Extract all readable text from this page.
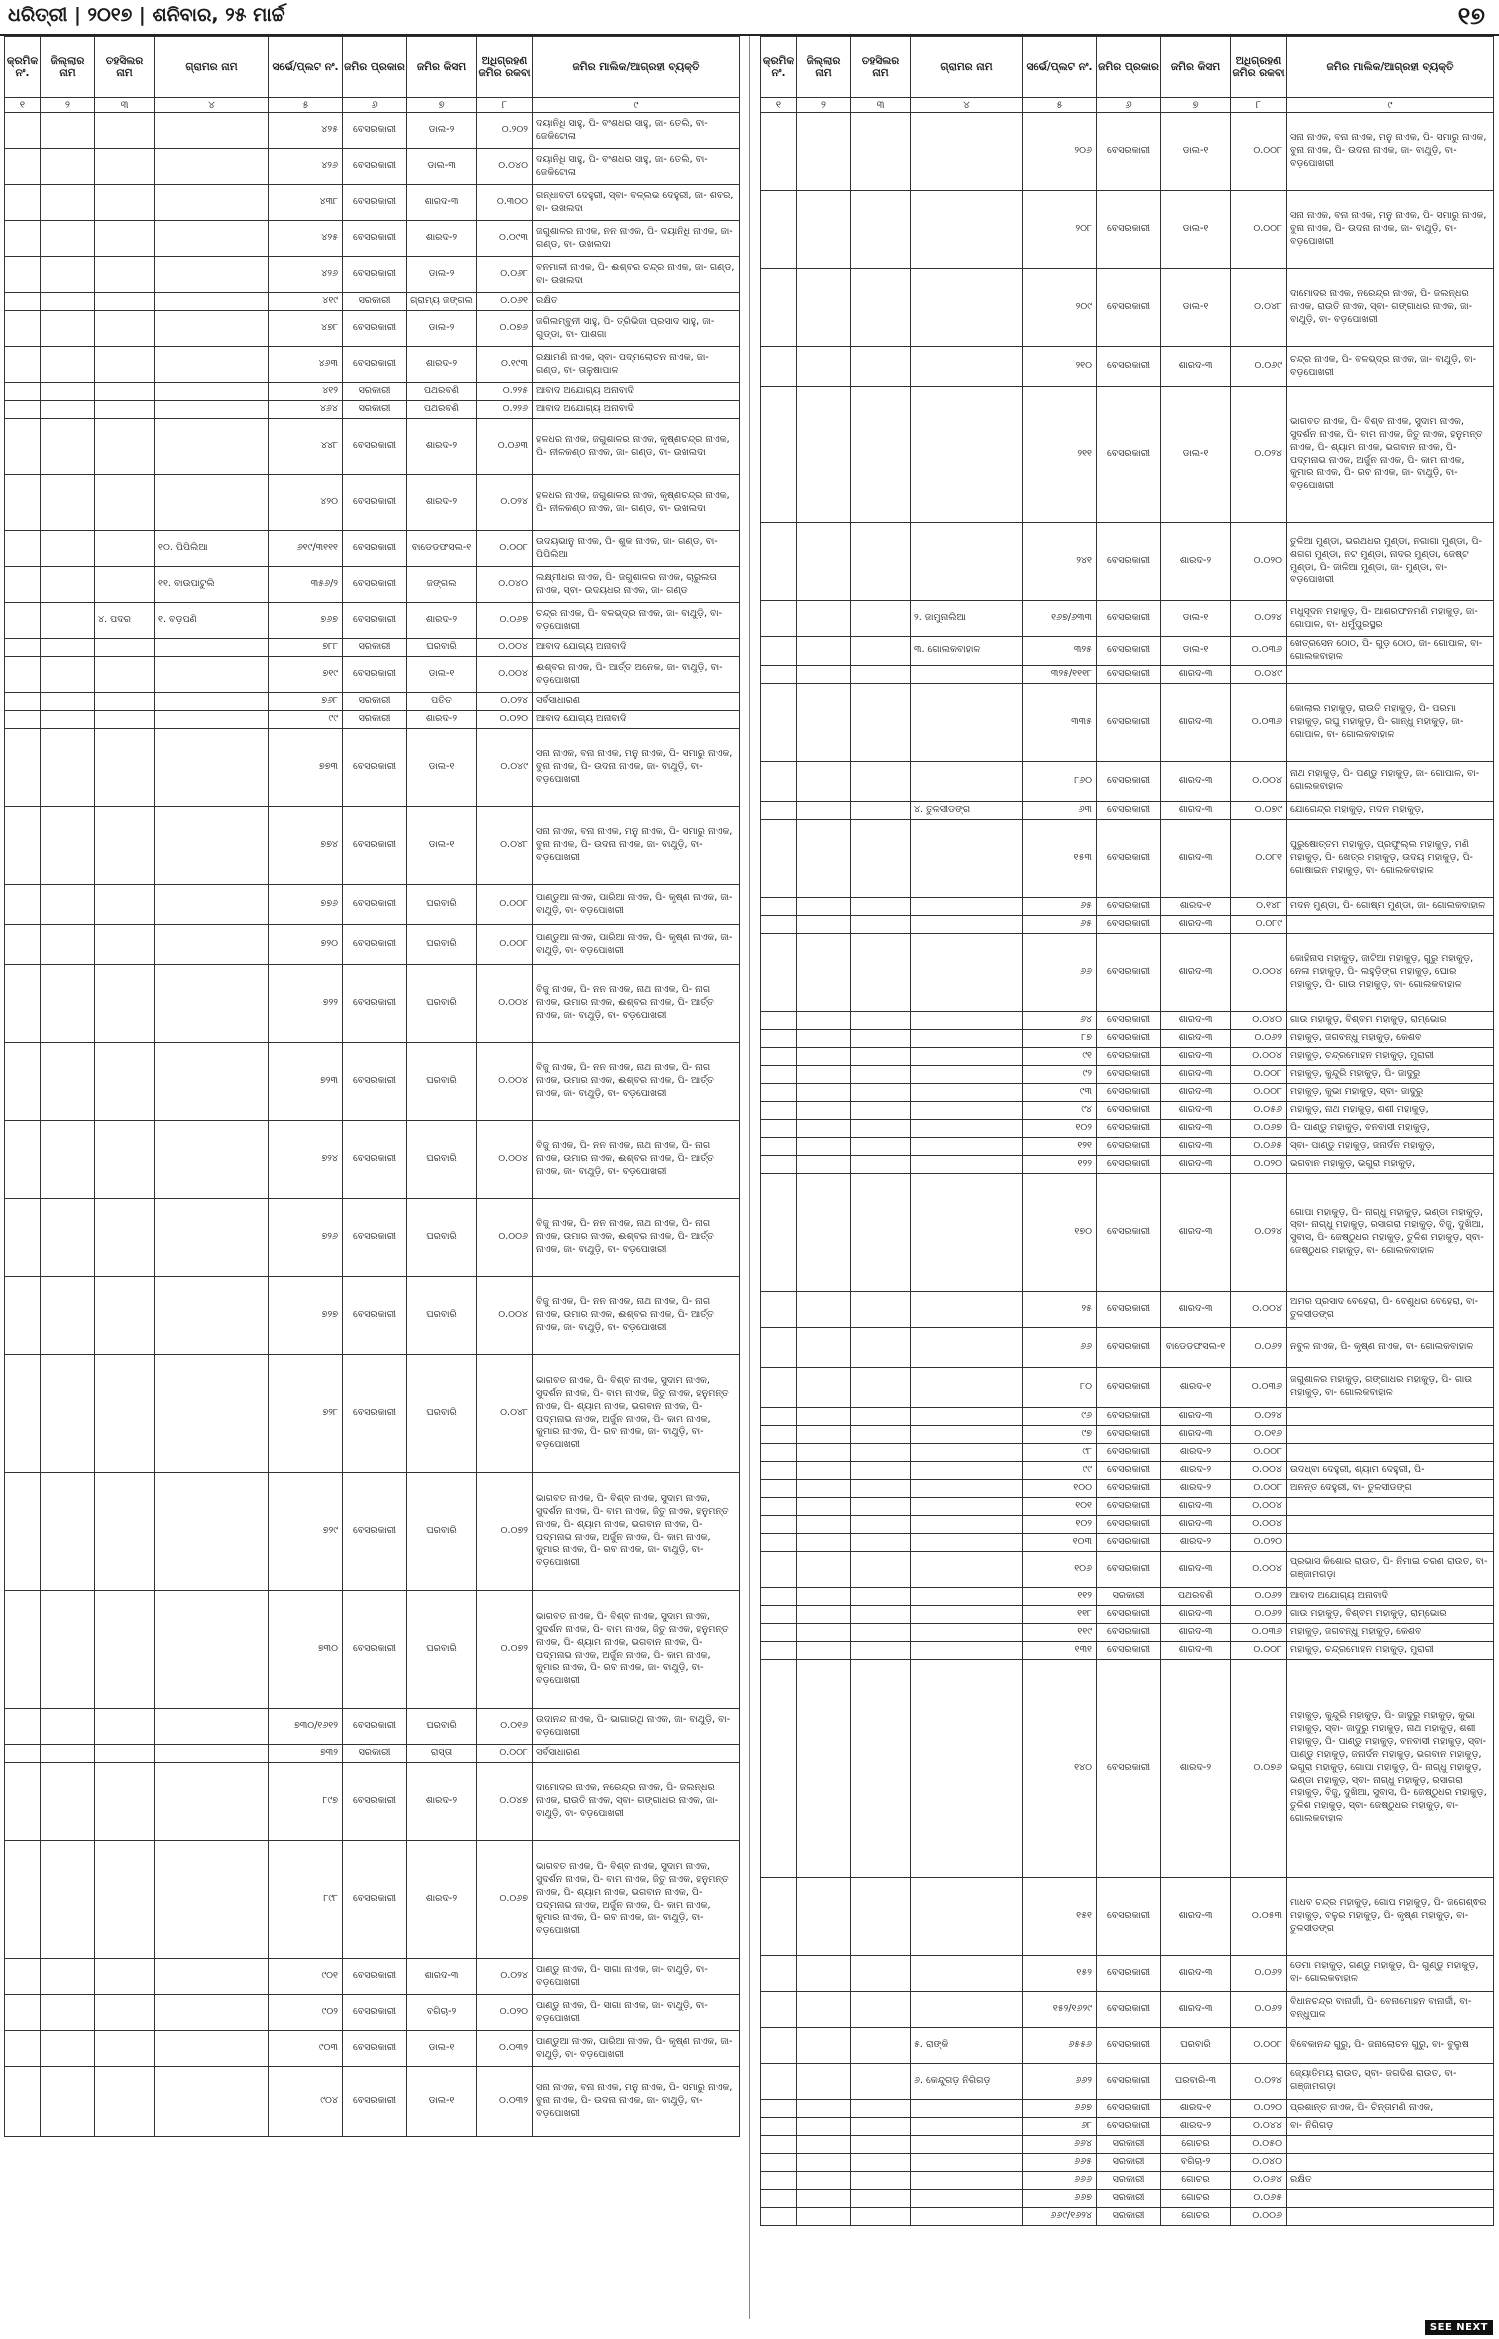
ଧରିତ୍ରୀ | ୨୦୧୭ | ଶନିବାର, ୨୫ ମାର୍ଚ୍ଚ	୧୭
କ୍ରମିକ ନଂ.	ଜିଲ୍ଲାର ନାମ	ତହସିଲର ନାମ	ଗ୍ରାମର ନାମ	ସର୍ଭେ/ପ୍ଲଟ ନଂ.	ଜମିର ପ୍ରକାର	ଜମିର କିସମ	ଅଧିଗ୍ରହଣ ଜମିର ରକବା	ଜମିର ମାଲିକ/ଆଗ୍ରହୀ ବ୍ୟକ୍ତି
୧	୨	୩	୪	୫	୬	୭	୮	୯
				୪୨୫	ବେସରକାରୀ	ଡାଲ-୨	୦.୨୦୨	ଦୟାନିଧି ସାହୁ, ପି- ବଂଶଧର ସାହୁ, ଜା- ତେଲି, ବା- ଜେକିଟୋଳା
				୪୨୬	ବେସରକାରୀ	ଡାଲ-୩	୦.୦୪୦	ଦୟାନିଧି ସାହୁ, ପି- ବଂଶଧର ସାହୁ, ଜା- ତେଲି, ବା- ଜେକିଟୋଳା
				୪୩୮	ବେସରକାରୀ	ଶାରଦ-୩	୦.୩୦୦	ଗନ୍ଧାବତୀ ଦେହୁରୀ, ସ୍ବା- ବଳ୍ଲଭ ଦେହୁରୀ, ଜା- ଶବର, ବା- ଉଖଲଦା
				୪୨୫	ବେସରକାରୀ	ଶାରଦ-୨	୦.୦୯୩	ଜଗୁଶାଳର ନାଏକ, ନନ ନାଏକ, ପି- ଦୟାନିଧି ନାଏକ, ଜା- ଗଣ୍ଡ, ବା- ଉଖଲଦା
				୪୨୬	ବେସରକାରୀ	ଡାଲ-୨	୦.୦୬୮	ବନମାଳୀ ନାଏକ, ପି- ଈଶ୍ବର ଚନ୍ଦ୍ର ନାଏକ, ଜା- ଗଣ୍ଡ, ବା- ଉଖଲଦା
				୪୧୯	ସରକାରୀ	ଗ୍ରାମ୍ୟ ଜଙ୍ଗଲ	୦.୦୬୧	ରକ୍ଷିତ
				୪୭୮	ବେସରକାରୀ	ଡାଲ-୨	୦.୦୭୬	ଜଗିଲମ୍ବୁନୀ ସାହୁ, ପି- ତ୍ରିଭିଜା ପ୍ରସାଦ ସାହୁ, ଜା- ଗୁଡ୍ଡା, ବା- ପାଶଗା
				୪୬୩	ବେସରକାରୀ	ଶାରଦ-୨	୦.୧୯୩	ରକ୍ଷାମଣି ନାଏକ, ସ୍ବା- ପଦ୍ମଲୋଚନ ନାଏକ, ଜା- ଗଣ୍ଡ, ବା- ତାଳୁଷାପାଳ
				୪୧୨	ସରକାରୀ	ପଥରବଣି	୦.୨୨୫	ଆବାଦ ଅଯୋଗ୍ୟ ଅନାବାଦି
				୪୬୪	ସରକାରୀ	ପଥରବଣି	୦.୨୨୬	ଆବାଦ ଅଯୋଗ୍ୟ ଅନାବାଦି
				୪୪୮	ବେସରକାରୀ	ଶାରଦ-୨	୦.୦୬୩	ହଳଧର ନାଏକ, ଜଗୁଶାଳର ନାଏକ, କୃଷ୍ଣଚନ୍ଦ୍ର ନାଏକ, ପି- ନୀଳକଣ୍ଠ ନାଏକ, ଜା- ଗଣ୍ଡ, ବା- ଉଖଲଦା
				୪୨୦	ବେସରକାରୀ	ଶାରଦ-୨	୦.୦୨୪	ହଳଧର ନାଏକ, ଜଗୁଶାଳର ନାଏକ, କୃଷ୍ଣଚନ୍ଦ୍ର ନାଏକ, ପି- ନୀଳକଣ୍ଠ ନାଏକ, ଜା- ଗଣ୍ଡ, ବା- ଉଖଲଦା
			୧୦. ପିପିଲିଆ	୬୧୯/୩୧୧୧	ବେସରକାରୀ	ବାଡେଡଫସଲ-୧	୦.୦୦୮	ଉଦୟଭାନୁ ନାଏକ, ପି- ଶୁକ ନାଏକ, ଜା- ଗଣ୍ଡ, ବା- ପିପିଲିଆ
			୧୧. ବାଉପାଟୁଲି	୩୫୬/୨	ବେସରକାରୀ	ଜଙ୍ଗଲ	୦.୦୪୦	ଲକ୍ଷ୍ମୀଧର ନାଏକ, ପି- ଜଗୁଶାଳର ନାଏକ, ଚାରୁଲତା ନାଏକ, ସ୍ବା- ଉଦୟଧର ନାଏକ, ଜା- ଗଣ୍ଡ
		୪. ପଦର	୧. ବଡ଼ପଣି	୭୬୭	ବେସରକାରୀ	ଶାରଦ-୨	୦.୦୬୭	ଚନ୍ଦ୍ର ନାଏକ, ପି- ବଳଭ୍ଦ୍ର ନାଏକ, ଜା- ବାଥୁଡ଼ି, ବା- ବଡ଼ପୋଖରୀ
				୭୮୮	ସରକାରୀ	ଘରବାରି	୦.୦୦୪	ଆବାଦ ଯୋଗ୍ୟ ଅନାବାଦି
				୭୧୯	ବେସରକାରୀ	ଡାଲ-୧	୦.୦୦୪	ଈଶ୍ବର ନାଏକ, ପି- ଆର୍ତ୍ତ ଅନେକ, ଜା- ବାଥୁଡ଼ି, ବା- ବଡ଼ପୋଖରୀ
				୭୬୮	ସରକାରୀ	ପତିତ	୦.୦୨୪	ସର୍ବସାଧାରଣ
				୯୯	ସରକାରୀ	ଶାରଦ-୨	୦.୦୨୦	ଆବାଦ ଯୋଗ୍ୟ ଅନାବାଦି
				୭୭୩	ବେସରକାରୀ	ଡାଲ-୧	୦.୦୪୯	ସନା ନାଏକ, ବନା ନାଏକ, ମନୁ ନାଏକ, ପି- ସମାରୁ ନାଏକ, ବୁନା ନାଏକ, ପି- ଉଦନା ନାଏକ, ଜା- ବାଥୁଡ଼ି, ବା- ବଡ଼ପୋଖରୀ
				୭୭୪	ବେସରକାରୀ	ଡାଲ-୧	୦.୦୪୮	ସନା ନାଏକ, ବନା ନାଏକ, ମନୁ ନାଏକ, ପି- ସମାରୁ ନାଏକ, ବୁନା ନାଏକ, ପି- ଉଦନା ନାଏକ, ଜା- ବାଥୁଡ଼ି, ବା- ବଡ଼ପୋଖରୀ
				୭୭୬	ବେସରକାରୀ	ଘରବାରି	୦.୦୦୮	ପାଣ୍ଡୁଆ ନାଏକ, ପାରିଆ ନାଏକ, ପି- କୃଷ୍ଣ ନାଏକ, ଜା- ବାଥୁଡ଼ି, ବା- ବଡ଼ପୋଖରୀ
				୭୨୦	ବେସରକାରୀ	ଘରବାରି	୦.୦୦୮	ପାଣ୍ଡୁଆ ନାଏକ, ପାରିଆ ନାଏକ, ପି- କୃଷ୍ଣ ନାଏକ, ଜା- ବାଥୁଡ଼ି, ବା- ବଡ଼ପୋଖରୀ
				୭୨୨	ବେସରକାରୀ	ଘରବାରି	୦.୦୦୪	ବିଜୁ ନାଏକ, ପି- ନନ ନାଏକ, ନାଥ ନାଏକ, ପି- ନାଗ ନାଏକ, ଉମାର ନାଏକ, ଈଶ୍ବର ନାଏକ, ପି- ଆର୍ତ୍ତ ନାଏକ, ଜା- ବାଥୁଡ଼ି, ବା- ବଡ଼ପୋଖରୀ
				୭୨୩	ବେସରକାରୀ	ଘରବାରି	୦.୦୦୪	ବିଜୁ ନାଏକ, ପି- ନନ ନାଏକ, ନାଥ ନାଏକ, ପି- ନାଗ ନାଏକ, ଉମାର ନାଏକ, ଈଶ୍ବର ନାଏକ, ପି- ଆର୍ତ୍ତ ନାଏକ, ଜା- ବାଥୁଡ଼ି, ବା- ବଡ଼ପୋଖରୀ
				୭୨୪	ବେସରକାରୀ	ଘରବାରି	୦.୦୦୪	ବିଜୁ ନାଏକ, ପି- ନନ ନାଏକ, ନାଥ ନାଏକ, ପି- ନାଗ ନାଏକ, ଉମାର ନାଏକ, ଈଶ୍ବର ନାଏକ, ପି- ଆର୍ତ୍ତ ନାଏକ, ଜା- ବାଥୁଡ଼ି, ବା- ବଡ଼ପୋଖରୀ
				୭୨୬	ବେସରକାରୀ	ଘରବାରି	୦.୦୦୬	ବିଜୁ ନାଏକ, ପି- ନନ ନାଏକ, ନାଥ ନାଏକ, ପି- ନାଗ ନାଏକ, ଉମାର ନାଏକ, ଈଶ୍ବର ନାଏକ, ପି- ଆର୍ତ୍ତ ନାଏକ, ଜା- ବାଥୁଡ଼ି, ବା- ବଡ଼ପୋଖରୀ
				୭୨୭	ବେସରକାରୀ	ଘରବାରି	୦.୦୦୪	ବିଜୁ ନାଏକ, ପି- ନନ ନାଏକ, ନାଥ ନାଏକ, ପି- ନାଗ ନାଏକ, ଉମାର ନାଏକ, ଈଶ୍ବର ନାଏକ, ପି- ଆର୍ତ୍ତ ନାଏକ, ଜା- ବାଥୁଡ଼ି, ବା- ବଡ଼ପୋଖରୀ
				୭୨୮	ବେସରକାରୀ	ଘରବାରି	୦.୦୪୮	ଭାଗବତ ନାଏକ, ପି- ବିଶ୍ବ ନାଏକ, ସୁଦାମ ନାଏକ, ସୁଦର୍ଶନ ନାଏକ, ପି- ବାମ ନାଏକ, ଜିତୁ ନାଏକ, ହନୁମନ୍ତ ନାଏକ, ପି- ଶ୍ୟାମ ନାଏକ, ଭଗବାନ ନାଏକ, ପି- ପଦ୍ମନାଭ ନାଏକ, ଅର୍ଜୁନ ନାଏକ, ପି- କାମ ନାଏକ, କୁମାର ନାଏକ, ପି- ରବ ନାଏକ, ଜା- ବାଥୁଡ଼ି, ବା- ବଡ଼ପୋଖରୀ
				୭୨୯	ବେସରକାରୀ	ଘରବାରି	୦.୦୭୨	ଭାଗବତ ନାଏକ, ପି- ବିଶ୍ବ ନାଏକ, ସୁଦାମ ନାଏକ, ସୁଦର୍ଶନ ନାଏକ, ପି- ବାମ ନାଏକ, ଜିତୁ ନାଏକ, ହନୁମନ୍ତ ନାଏକ, ପି- ଶ୍ୟାମ ନାଏକ, ଭଗବାନ ନାଏକ, ପି- ପଦ୍ମନାଭ ନାଏକ, ଅର୍ଜୁନ ନାଏକ, ପି- କାମ ନାଏକ, କୁମାର ନାଏକ, ପି- ରବ ନାଏକ, ଜା- ବାଥୁଡ଼ି, ବା- ବଡ଼ପୋଖରୀ
				୭୩୦	ବେସରକାରୀ	ଘରବାରି	୦.୦୭୨	ଭାଗବତ ନାଏକ, ପି- ବିଶ୍ବ ନାଏକ, ସୁଦାମ ନାଏକ, ସୁଦର୍ଶନ ନାଏକ, ପି- ବାମ ନାଏକ, ଜିତୁ ନାଏକ, ହନୁମନ୍ତ ନାଏକ, ପି- ଶ୍ୟାମ ନାଏକ, ଭଗବାନ ନାଏକ, ପି- ପଦ୍ମନାଭ ନାଏକ, ଅର୍ଜୁନ ନାଏକ, ପି- କାମ ନାଏକ, କୁମାର ନାଏକ, ପି- ରବ ନାଏକ, ଜା- ବାଥୁଡ଼ି, ବା- ବଡ଼ପୋଖରୀ
				୭୩୦/୧୬୧୨	ବେସରକାରୀ	ଘରବାରି	୦.୦୧୬	ଉଦାନନ୍ଦ ନାଏକ, ପି- ଭାଗାରଥି ନାଏକ, ଜା- ବାଥୁଡ଼ି, ବା- ବଡ଼ପୋଖରୀ
				୭୩୨	ସରକାରୀ	ରାସ୍ତା	୦.୦୦୮	ସର୍ବସାଧାରଣ
				୮୯୭	ବେସରକାରୀ	ଶାରଦ-୨	୦.୦୪୭	ଦାମୋଦର ନାଏକ, ନରେନ୍ଦ୍ର ନାଏକ, ପି- ଜଲନ୍ଧର ନାଏକ, ରାଉତି ନାଏକ, ସ୍ବା- ଗଙ୍ଗାଧର ନାଏକ, ଜା- ବାଥୁଡ଼ି, ବା- ବଡ଼ପୋଖରୀ
				୮୯୮	ବେସରକାରୀ	ଶାରଦ-୨	୦.୦୬୭	ଭାଗବତ ନାଏକ, ପି- ବିଶ୍ବ ନାଏକ, ସୁଦାମ ନାଏକ, ସୁଦର୍ଶନ ନାଏକ, ପି- ବାମ ନାଏକ, ଜିତୁ ନାଏକ, ହନୁମନ୍ତ ନାଏକ, ପି- ଶ୍ୟାମ ନାଏକ, ଭଗବାନ ନାଏକ, ପି- ପଦ୍ମନାଭ ନାଏକ, ଅର୍ଜୁନ ନାଏକ, ପି- କାମ ନାଏକ, କୁମାର ନାଏକ, ପି- ରବ ନାଏକ, ଜା- ବାଥୁଡ଼ି, ବା- ବଡ଼ପୋଖରୀ
				୯୦୧	ବେସରକାରୀ	ଶାରଦ-୩	୦.୦୨୪	ପାଣ୍ଡୁ ନାଏକ, ପି- ସାଗା ନାଏକ, ଜା- ବାଥୁଡ଼ି, ବା- ବଡ଼ପୋଖରୀ
				୯୦୨	ବେସରକାରୀ	ବଗିଚା-୨	୦.୦୨୦	ପାଣ୍ଡୁ ନାଏକ, ପି- ସାଗା ନାଏକ, ଜା- ବାଥୁଡ଼ି, ବା- ବଡ଼ପୋଖରୀ
				୯୦୩	ବେସରକାରୀ	ଡାଲ-୧	୦.୦୩୨	ପାଣ୍ଡୁଆ ନାଏକ, ପାରିଆ ନାଏକ, ପି- କୃଷ୍ଣ ନାଏକ, ଜା- ବାଥୁଡ଼ି, ବା- ବଡ଼ପୋଖରୀ
				୯୦୪	ବେସରକାରୀ	ଡାଲ-୧	୦.୦୩୨	ସନା ନାଏକ, ବନା ନାଏକ, ମନୁ ନାଏକ, ପି- ସମାରୁ ନାଏକ, ବୁନା ନାଏକ, ପି- ଉଦନା ନାଏକ, ଜା- ବାଥୁଡ଼ି, ବା- ବଡ଼ପୋଖରୀ
କ୍ରମିକ ନଂ.	ଜିଲ୍ଲାର ନାମ	ତହସିଲର ନାମ	ଗ୍ରାମର ନାମ	ସର୍ଭେ/ପ୍ଲଟ ନଂ.	ଜମିର ପ୍ରକାର	ଜମିର କିସମ	ଅଧିଗ୍ରହଣ ଜମିର ରକବା	ଜମିର ମାଲିକ/ଆଗ୍ରହୀ ବ୍ୟକ୍ତି
୧	୨	୩	୪	୫	୬	୭	୮	୯
				୨୦୬	ବେସରକାରୀ	ଡାଲ-୧	୦.୦୦୮	ସନା ନାଏକ, ବନା ନାଏକ, ମନୁ ନାଏକ, ପି- ସମାରୁ ନାଏକ, ବୁନା ନାଏକ, ପି- ଉଦନା ନାଏକ, ଜା- ବାଥୁଡ଼ି, ବା- ବଡ଼ପୋଖରୀ
				୨୦୮	ବେସରକାରୀ	ଡାଲ-୧	୦.୦୦୮	ସନା ନାଏକ, ବନା ନାଏକ, ମନୁ ନାଏକ, ପି- ସମାରୁ ନାଏକ, ବୁନା ନାଏକ, ପି- ଉଦନା ନାଏକ, ଜା- ବାଥୁଡ଼ି, ବା- ବଡ଼ପୋଖରୀ
				୨୦୯	ବେସରକାରୀ	ଡାଲ-୧	୦.୦୪୮	ଦାମୋଦର ନାଏକ, ନରେନ୍ଦ୍ର ନାଏକ, ପି- ଜଲନ୍ଧର ନାଏକ, ରାଉତି ନାଏକ, ସ୍ବା- ଗଙ୍ଗାଧର ନାଏକ, ଜା- ବାଥୁଡ଼ି, ବା- ବଡ଼ପୋଖରୀ
				୨୧୦	ବେସରକାରୀ	ଶାରଦ-୩	୦.୦୬୯	ଚନ୍ଦ୍ର ନାଏକ, ପି- ବଳଭ୍ଦ୍ର ନାଏକ, ଜା- ବାଥୁଡ଼ି, ବା- ବଡ଼ପୋଖରୀ
				୨୧୧	ବେସରକାରୀ	ଡାଲ-୧	୦.୦୨୪	ଭାଗବତ ନାଏକ, ପି- ବିଶ୍ବ ନାଏକ, ସୁଦାମ ନାଏକ, ସୁଦର୍ଶନ ନାଏକ, ପି- ବାମ ନାଏକ, ଜିତୁ ନାଏକ, ହନୁମନ୍ତ ନାଏକ, ପି- ଶ୍ୟାମ ନାଏକ, ଭଗବାନ ନାଏକ, ପି- ପଦ୍ମନାଭ ନାଏକ, ଅର୍ଜୁନ ନାଏକ, ପି- କାମ ନାଏକ, କୁମାର ନାଏକ, ପି- ରବ ନାଏକ, ଜା- ବାଥୁଡ଼ି, ବା- ବଡ଼ପୋଖରୀ
				୨୪୧	ବେସରକାରୀ	ଶାରଦ-୨	୦.୦୨୦	ତୁଳିଆ ମୁଣ୍ଡା, ଭରଥଧର ମୁଣ୍ଡା, ନଗାଗା ମୁଣ୍ଡା, ପି- ଶଗଗ ମୁଣ୍ଡା, ନଟ ମୁଣ୍ଡା, ନାଦର ମୁଣ୍ଡା, ଜେଷ୍ଟ ମୁଣ୍ଡା, ପି- ଜାଳିଆ ମୁଣ୍ଡା, ଜା- ମୁଣ୍ଡା, ବା- ବଡ଼ପୋଖରୀ
			୨. ଜାମୁନାଲିଆ	୧୬୭/୬୩୩	ବେସରକାରୀ	ଡାଲ-୧	୦.୦୨୪	ମଧୁସୂଦନ ମହାକୁଡ଼, ପି- ଆଶରଫନମଣି ମହାକୁଡ଼, ଜା- ଗୋପାଳ, ବା- ଧର୍ମୁପୁରସ୍ଥର
			୩. ଗୋଲକବାହାଳ	୩୨୫	ବେସରକାରୀ	ଡାଲ-୧	୦.୦୩୬	ଖେତ୍ରସେନ ଠୋଠ, ପି- ଗୁଡ଼ ଠୋଠ, ଜା- ଗୋପାଳ, ବା- ଗୋଲକବାହାଳ
				୩୨୫/୧୧୧୮	ବେସରକାରୀ	ଶାରଦ-୩	୦.୦୪୯	
				୩୩୫	ବେସରକାରୀ	ଶାରଦ-୩	୦.୦୩୬	କୋଲାଲ ମହାକୁଡ଼, ରାଉତି ମହାକୁଡ଼, ପି- ପରମା ମହାକୁଡ଼, ରଘୁ ମହାକୁଡ଼, ପି- ଗାନ୍ଧୁ ମହାକୁଡ଼, ଜା- ଗୋପାଳ, ବା- ଗୋଲକବାହାଳ
				୮୬୦	ବେସରକାରୀ	ଶାରଦ-୩	୦.୦୦୪	ନାଥ ମହାକୁଡ଼, ପି- ପଣ୍ଡୁ ମହାକୁଡ଼, ଜା- ଗୋପାଳ, ବା- ଗୋଲକବାହାଳ
			୪. ତୁଳସୀଡଙ୍ଗ	୬୩	ବେସରକାରୀ	ଶାରଦ-୩	୦.୦୭୯	ଯୋଗେନ୍ଦ୍ର ମହାକୁଡ଼, ମଦନ ମହାକୁଡ଼,
				୧୫୩	ବେସରକାରୀ	ଶାରଦ-୩	୦.୦୮୧	ପୁରୁଷୋତ୍ତମ ମହାକୁଡ଼, ପ୍ରଫୁଲ୍ଲ ମହାକୁଡ଼, ମଣି ମହାକୁଡ଼, ପି- ଖେତ୍ର ମହାକୁଡ଼, ଉଦୟ ମହାକୁଡ଼, ପି- ଗୋଷାଇନ ମହାକୁଡ଼, ବା- ଗୋଲକବାହାଳ
				୬୫	ବେସରକାରୀ	ଶାରଦ-୧	୦.୧୪୮	ମଦନ ମୁଣ୍ଡା, ପି- ଗୋଷ୍ମ ମୁଣ୍ଡା, ଜା- ଗୋଲକବାହାଳ
				୬୫	ବେସରକାରୀ	ଶାରଦ-୩	୦.୦୮୯	
				୬୬	ବେସରକାରୀ	ଶାରଦ-୩	୦.୦୦୪	କୋହିନାସ ମହାକୁଡ଼, ଜାଟିଆ ମହାକୁଡ଼, ଗୁରୁ ମହାକୁଡ଼, ନେଳା ମହାକୁଡ଼, ପି- ଲହୁଡ଼ିଙ୍ଗ ମହାକୁଡ଼, ଘୋର ମହାକୁଡ଼, ପି- ଗାଉ ମହାକୁଡ଼, ବା- ଗୋଲକବାହାଳ
				୬୪	ବେସରକାରୀ	ଶାରଦ-୩	୦.୦୪୦	ଗାଉ ମହାକୁଡ଼, ବିଶ୍ବମ ମହାକୁଡ଼, ରାମ୍ଭୋର
				୮୭	ବେସରକାରୀ	ଶାରଦ-୩	୦.୦୬୨	ମହାକୁଡ଼, ଜଗବନ୍ଧୁ ମହାକୁଡ଼, କେଶବ
				୯୧	ବେସରକାରୀ	ଶାରଦ-୩	୦.୦୦୪	ମହାକୁଡ଼, ଚନ୍ଦ୍ରମୋହନ ମହାକୁଡ଼, ମୁରାରୀ
				୯୨	ବେସରକାରୀ	ଶାରଦ-୩	୦.୦୦୮	ମହାକୁଡ଼, କୁନ୍ଦୁରି ମହାକୁଡ଼, ପି- ଜାଦୁରୁ
				୯୩	ବେସରକାରୀ	ଶାରଦ-୩	୦.୦୦୮	ମହାକୁଡ଼, କୁଭା ମହାକୁଡ଼, ସ୍ବା- ଜାଦୁରୁ
				୯୪	ବେସରକାରୀ	ଶାରଦ-୩	୦.୦୫୬	ମହାକୁଡ଼, ନାଥ ମହାକୁଡ଼, ଶଶୀ ମହାକୁଡ଼,
				୧୦୨	ବେସରକାରୀ	ଶାରଦ-୩	୦.୦୬୭	ପି- ପାଣ୍ଡୁ ମହାକୁଡ଼, ବନବାସୀ ମହାକୁଡ଼,
				୧୨୧	ବେସରକାରୀ	ଶାରଦ-୩	୦.୦୬୫	ସ୍ବା- ପାଣ୍ଡୁ ମହାକୁଡ଼, ଜନାର୍ଦନ ମହାକୁଡ଼,
				୧୨୨	ବେସରକାରୀ	ଶାରଦ-୩	୦.୦୨୦	ଭଗବାନ ମହାକୁଡ଼, ଭଗୁରା ମହାକୁଡ଼,
				୧୭୦	ବେସରକାରୀ	ଶାରଦ-୩	୦.୦୨୪	ଗୋପା ମହାକୁଡ଼, ପି- ନାଗ୍ଧୁ ମହାକୁଡ଼, ଭଣ୍ଡା ମହାକୁଡ଼, ସ୍ବା- ନାଗ୍ଧୁ ମହାକୁଡ଼, ରସାଗରା ମହାକୁଡ଼, ବିଜୁ, ଦୁଖିଆ, ସୁବାସ, ପି- ଜେଷ୍ଠୁଧର ମହାକୁଡ଼, ତୁଳିଶ ମହାକୁଡ଼, ସ୍ବା- ଜେଷ୍ଠୁଧର ମହାକୁଡ଼, ବା- ଗୋଲକବାହାଳ
				୨୫	ବେସରକାରୀ	ଶାରଦ-୩	୦.୦୦୪	ଅମର ପ୍ରସାଦ ବେହେରା, ପି- ବେଣୁଧର ବେହେରା, ବା- ତୁଳସୀଡଙ୍ଗ
				୬୬	ବେସରକାରୀ	ବାଡେଡଫସଲ-୧	୦.୦୬୨	ନବୁଳ ନାଏକ, ପି- କୃଷ୍ଣ ନାଏକ, ବା- ଗୋଲକବାହାଳ
				୮୦	ବେସରକାରୀ	ଶାରଦ-୧	୦.୦୩୬	ଜଗୁଶାଳର ମହାକୁଡ଼, ଗଙ୍ଗାଧର ମହାକୁଡ଼, ପି- ଗାଉ ମହାକୁଡ଼, ବା- ଗୋଲକବାହାଳ
				୯୬	ବେସରକାରୀ	ଶାରଦ-୩	୦.୦୨୪	
				୯୭	ବେସରକାରୀ	ଶାରଦ-୩	୦.୦୧୬	
				୯୮	ବେସରକାରୀ	ଶାରଦ-୨	୦.୦୦୮	
				୯୯	ବେସରକାରୀ	ଶାରଦ-୨	୦.୦୦୪	ଉଦଧ୍ବା ଦେହୁରୀ, ଶ୍ୟାମ ଦେହୁରୀ, ପି-
				୧୦୦	ବେସରକାରୀ	ଶାରଦ-୨	୦.୦୦୮	ଅନନ୍ତ ଦେହୁରୀ, ବା- ତୁଳସୀଡଙ୍ଗ
				୧୦୧	ବେସରକାରୀ	ଶାରଦ-୩	୦.୦୦୪	
				୧୦୨	ବେସରକାରୀ	ଶାରଦ-୩	୦.୦୦୪	
				୧୦୩	ବେସରକାରୀ	ଶାରଦ-୨	୦.୦୨୦	
				୧୦୬	ବେସରକାରୀ	ଶାରଦ-୩	୦.୦୦୪	ପ୍ରଭାସ କିଶୋର ରାଉତ, ପି- ନିମାଇ ଚରଣ ରାଉତ, ବା- ଗଞ୍ଜାମଗଡ଼ା
				୧୧୨	ସରକାରୀ	ପଥରବଣି	୦.୦୬୨	ଆବାଦ ଅଯୋଗ୍ୟ ଅନାବାଦି
				୧୧୮	ବେସରକାରୀ	ଶାରଦ-୩	୦.୦୬୨	ଗାଉ ମହାକୁଡ଼, ବିଶ୍ବମ ମହାକୁଡ଼, ରାମ୍ଭୋର
				୧୧୯	ବେସରକାରୀ	ଶାରଦ-୩	୦.୦୩୬	ମହାକୁଡ଼, ଜଗବନ୍ଧୁ ମହାକୁଡ଼, କେଶବ
				୧୩୧	ବେସରକାରୀ	ଶାରଦ-୩	୦.୦୦୮	ମହାକୁଡ଼, ଚନ୍ଦ୍ରମୋହନ ମହାକୁଡ଼, ମୁରାରୀ
				୧୪୦	ବେସରକାରୀ	ଶାରଦ-୨	୦.୦୭୬	ମହାକୁଡ଼, କୁନ୍ଦୁରି ମହାକୁଡ଼, ପି- ଜାଦୁରୁ ମହାକୁଡ଼, କୁଭା ମହାକୁଡ଼, ସ୍ବା- ଜାଦୁରୁ ମହାକୁଡ଼, ନାଥ ମହାକୁଡ଼, ଶଶୀ ମହାକୁଡ଼, ପି- ପାଣ୍ଡୁ ମହାକୁଡ଼, ବନବାସୀ ମହାକୁଡ଼, ସ୍ବା- ପାଣ୍ଡୁ ମହାକୁଡ଼, ଜନାର୍ଦନ ମହାକୁଡ଼, ଭଗବାନ ମହାକୁଡ଼, ଭଗୁରା ମହାକୁଡ଼, ଗୋପା ମହାକୁଡ଼, ପି- ନାଗ୍ଧୁ ମହାକୁଡ଼, ଭଣ୍ଡା ମହାକୁଡ଼, ସ୍ବା- ନାଗ୍ଧୁ ମହାକୁଡ଼, ରସାଗରା ମହାକୁଡ଼, ବିଜୁ, ଦୁଖିଆ, ସୁବାସ, ପି- ଜେଷ୍ଠୁଧର ମହାକୁଡ଼, ତୁଳିଶ ମହାକୁଡ଼, ସ୍ବା- ଜେଷ୍ଠୁଧର ମହାକୁଡ଼, ବା- ଗୋଲକବାହାଳ
				୧୫୧	ବେସରକାରୀ	ଶାରଦ-୩	୦.୦୫୩	ମାଧବ ଚନ୍ଦ୍ର ମହାକୁଡ଼, ଗୋପ ମହାକୁଡ଼, ପି- ଜଗେଶ୍ଵର ମହାକୁଡ଼, ବଳୁର ମହାକୁଡ଼, ପି- କୃଷ୍ଣ ମହାକୁଡ଼, ବା- ତୁଳସୀଡଙ୍ଗ
				୧୫୨	ବେସରକାରୀ	ଶାରଦ-୩	୦.୦୬୨	ଡେମା ମହାକୁଡ଼, ଗଣ୍ଡୁ ମହାକୁଡ଼, ପି- ଗୁଣ୍ଡୁ ମହାକୁଡ଼, ବା- ଗୋଲକବାହାଳ
				୧୫୨/୧୬୨୯	ବେସରକାରୀ	ଶାରଦ-୩	୦.୦୬୨	ବିଧାନଚନ୍ଦ୍ର ବାନାର୍ଜୀ, ପି- ବେନାମୋହନ ବାନାର୍ଜୀ, ବା- ବନ୍ଧୁପାଳ
			୫. ରାଙ୍କି	୬୫୫୬	ବେସରକାରୀ	ଘରବାରି	୦.୦୦୮	ବିବେକାନନ୍ଦ ଗୁରୁ, ପି- ଜନାଲୋଚନ ଗୁରୁ, ବା- ବୁଲୁଷ
			୬. କେନ୍ଦୁଗଡ଼ ନିଗିଗଡ଼	୬୬୨	ବେସରକାରୀ	ଘରବାରି-୩	୦.୦୨୪	ଜ୍ୟୋତିମୟ ରାଉତ, ସ୍ବା- ଜଗଦିଶ ରାଉତ, ବା- ଗଞ୍ଜାମଗଡ଼ା
				୬୬୭	ବେସରକାରୀ	ଶାରଦ-୧	୦.୦୨୦	ପ୍ରଶାନ୍ତ ନାଏକ, ପି- ଚିନ୍ତାମଣି ନାଏକ,
				୬୮	ବେସରକାରୀ	ଶାରଦ-୨	୦.୦୪୪	ବା- ନିଗିଗଡ଼
				୬୬୪	ସରକାରୀ	ଗୋଚର	୦.୦୫୦	
				୬୬୫	ସରକାରୀ	ବଗିଚା-୨	୦.୦୪୦	
				୬୬୬	ସରକାରୀ	ଗୋଚର	୦.୦୬୪	ରକ୍ଷିତ
				୬୬୭	ସରକାରୀ	ଗୋଚର	୦.୦୬୫	
				୬୬୯/୧୬୨୪	ସରକାରୀ	ଗୋଚର	୦.୦୦୬	
SEE NEXT
